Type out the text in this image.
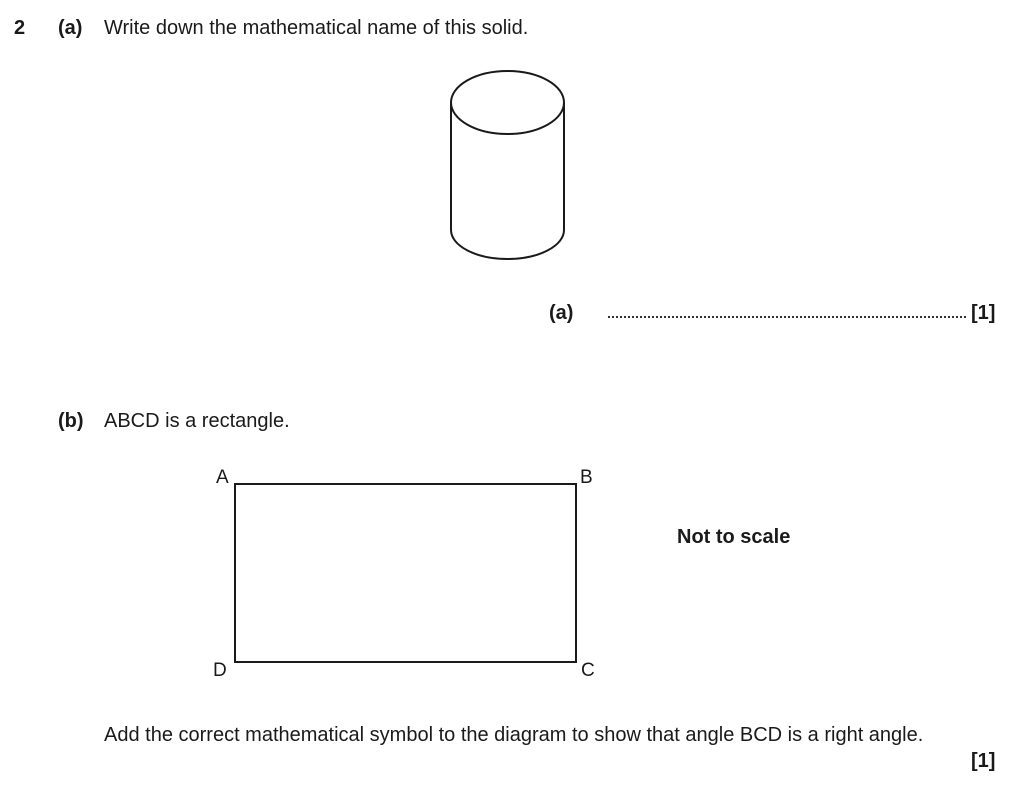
2 (a) Write down the mathematical name of this solid.
(a)	[1]
(b) ABCD is a rectangle.
A	B
D	C
Not to scale
Add the correct mathematical symbol to the diagram to show that angle BCD is a right angle.
[1]
